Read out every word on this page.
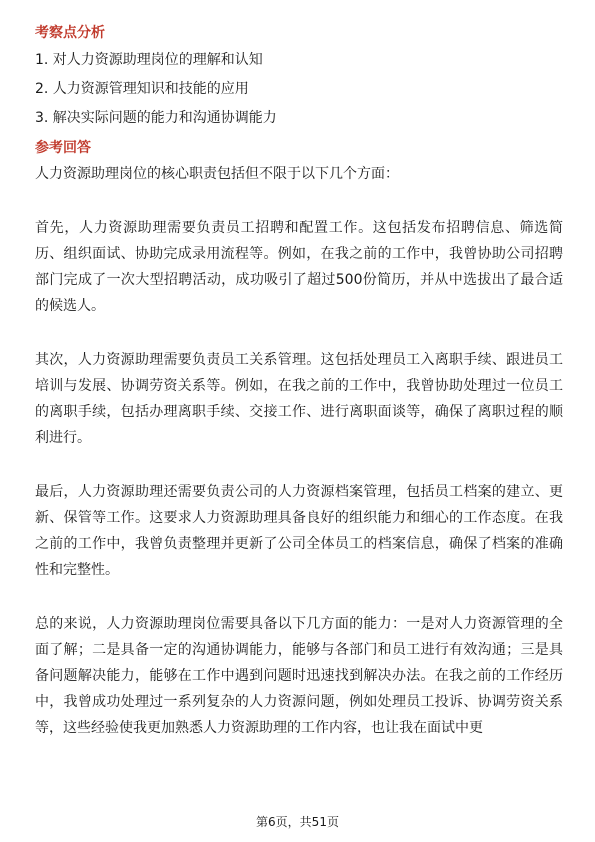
考察点分析
1. 对人力资源助理岗位的理解和认知
2. 人力资源管理知识和技能的应用
3. 解决实际问题的能力和沟通协调能力
参考回答

人力资源助理岗位的核心职责包括但不限于以下几个方面：

首先，人力资源助理需要负责员工招聘和配置工作。这包括发布招聘信息、筛选简历、组织面试、协助完成录用流程等。例如，在我之前的工作中，我曾协助公司招聘部门完成了一次大型招聘活动，成功吸引了超过500份简历，并从中选拔出了最合适的候选人。

其次，人力资源助理需要负责员工关系管理。这包括处理员工入离职手续、跟进员工培训与发展、协调劳资关系等。例如，在我之前的工作中，我曾协助处理过一位员工的离职手续，包括办理离职手续、交接工作、进行离职面谈等，确保了离职过程的顺利进行。

最后，人力资源助理还需要负责公司的人力资源档案管理，包括员工档案的建立、更新、保管等工作。这要求人力资源助理具备良好的组织能力和细心的工作态度。在我之前的工作中，我曾负责整理并更新了公司全体员工的档案信息，确保了档案的准确性和完整性。

总的来说，人力资源助理岗位需要具备以下几方面的能力：一是对人力资源管理的全面了解；二是具备一定的沟通协调能力，能够与各部门和员工进行有效沟通；三是具备问题解决能力，能够在工作中遇到问题时迅速找到解决办法。在我之前的工作经历中，我曾成功处理过一系列复杂的人力资源问题，例如处理员工投诉、协调劳资关系等，这些经验使我更加熟悉人力资源助理的工作内容，也让我在面试中更

第6页，共51页
